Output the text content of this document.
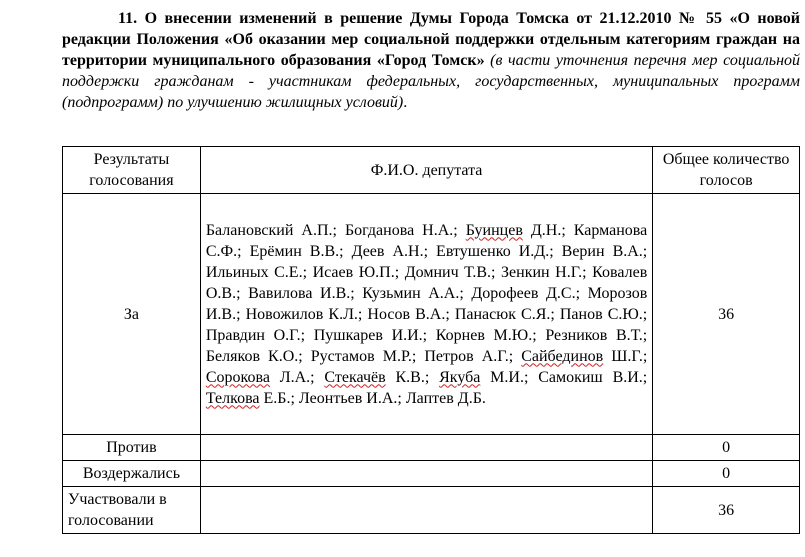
11. О внесении изменений в решение Думы Города Томска от 21.12.2010 № 55 «О новой редакции Положения «Об оказании мер социальной поддержки отдельным категориям граждан на территории муниципального образования «Город Томск» (в части уточнения перечня мер социальной поддержки гражданам - участникам федеральных, государственных, муниципальных программ (подпрограмм) по улучшению жилищных условий).
Результаты голосования	Ф.И.О. депутата	Общее количество голосов
За	Балановский А.П.; Богданова Н.А.; Буинцев Д.Н.; Карманова С.Ф.; Ерёмин В.В.; Деев А.Н.; Евтушенко И.Д.; Верин В.А.; Ильиных С.Е.; Исаев Ю.П.; Домнич Т.В.; Зенкин Н.Г.; Ковалев О.В.; Вавилова И.В.; Кузьмин А.А.; Дорофеев Д.С.; Морозов И.В.; Новожилов К.Л.; Носов В.А.; Панасюк С.Я.; Панов С.Ю.; Правдин О.Г.; Пушкарев И.И.; Корнев М.Ю.; Резников В.Т.; Беляков К.О.; Рустамов М.Р.; Петров А.Г.; Сайбединов Ш.Г.; Сорокова Л.А.; Стекачёв К.В.; Якуба М.И.; Самокиш В.И.; Телкова Е.Б.; Леонтьев И.А.; Лаптев Д.Б.	36
Против		0
Воздержались		0
Участвовали в голосовании		36
